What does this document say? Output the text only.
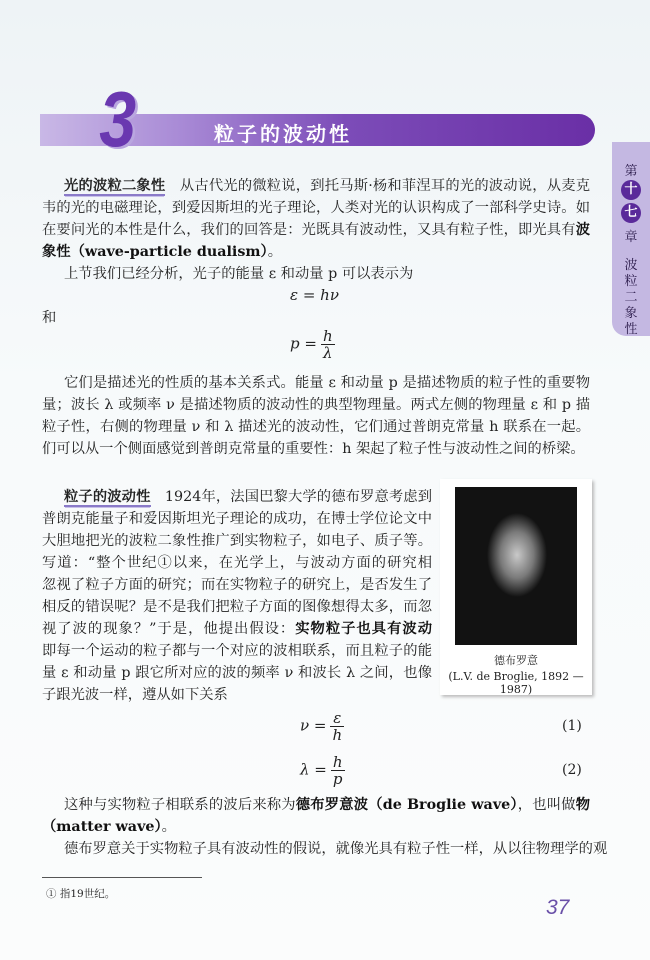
3	粒子的波动性
第
十
七
章
波
粒
二
象
性
光的波粒二象性　从古代光的微粒说，到托马斯·杨和菲涅耳的光的波动说，从麦克
韦的光的电磁理论，到爱因斯坦的光子理论，人类对光的认识构成了一部科学史诗。如
在要问光的本性是什么，我们的回答是：光既具有波动性，又具有粒子性，即光具有波
象性（wave-particle dualism）。
上节我们已经分析，光子的能量 ε 和动量 p 可以表示为
它们是描述光的性质的基本关系式。能量 ε 和动量 p 是描述物质的粒子性的重要物
量；波长 λ 或频率 ν 是描述物质的波动性的典型物理量。两式左侧的物理量 ε 和 p 描
粒子性，右侧的物理量 ν 和 λ 描述光的波动性，它们通过普朗克常量 h 联系在一起。
们可以从一个侧面感觉到普朗克常量的重要性：h 架起了粒子性与波动性之间的桥梁。
粒子的波动性　1924年，法国巴黎大学的德布罗意考虑到
普朗克能量子和爱因斯坦光子理论的成功，在博士学位论文中
大胆地把光的波粒二象性推广到实物粒子，如电子、质子等。
写道：“整个世纪①以来，在光学上，与波动方面的研究相
忽视了粒子方面的研究；而在实物粒子的研究上，是否发生了
相反的错误呢？是不是我们把粒子方面的图像想得太多，而忽
视了波的现象？”于是，他提出假设：实物粒子也具有波动
即每一个运动的粒子都与一个对应的波相联系，而且粒子的能
量 ε 和动量 p 跟它所对应的波的频率 ν 和波长 λ 之间，也像
子跟光波一样，遵从如下关系
这种与实物粒子相联系的波后来称为德布罗意波（de Broglie wave），也叫做物
（matter wave）。
德布罗意关于实物粒子具有波动性的假说，就像光具有粒子性一样，从以往物理学的观
ε = hν
和
$p = \frac{h}{\lambda}$
德布罗意
(L.V. de Broglie, 1892 — 1987)
$\nu = \frac{\varepsilon}{h}$	(1)
$\lambda = \frac{h}{p}$	(2)
① 指19世纪。
37
